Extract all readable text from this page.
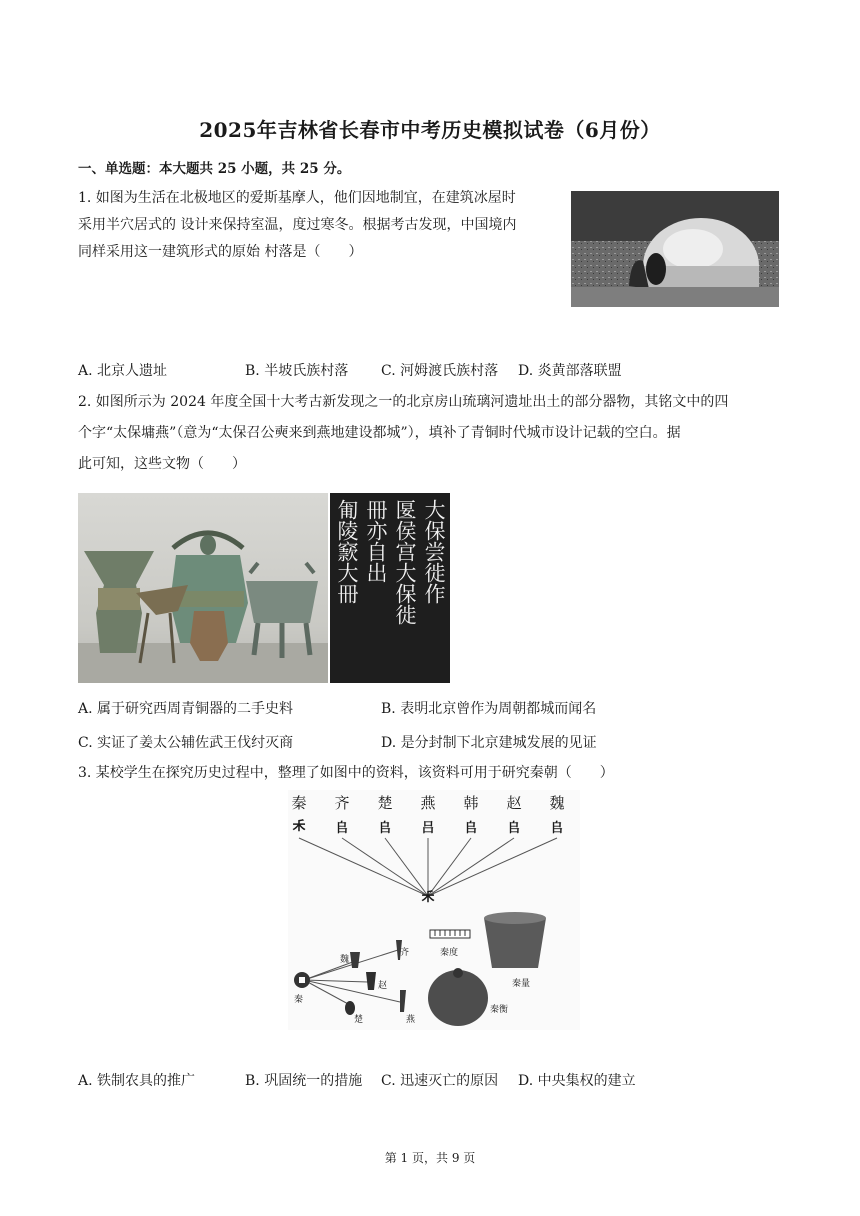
2025年吉林省长春市中考历史模拟试卷（6月份）
一、单选题：本大题共 25 小题，共 25 分。
1. 如图为生活在北极地区的爱斯基摩人，他们因地制宜，在建筑冰屋时
采用半穴居式的 设计来保持室温，度过寒冬。根据考古发现，中国境内
同样采用这一建筑形式的原始 村落是（　　）
A. 北京人遗址	B. 半坡氏族村落 C. 河姆渡氏族村落 D. 炎黄部落联盟
2. 如图所示为 2024 年度全国十大考古新发现之一的北京房山琉璃河遗址出土的部分器物，其铭文中的四
个字“太保墉燕”（意为“太保召公奭来到燕地建设都城”），填补了青铜时代城市设计记载的空白。据
此可知，这些文物（　　）
大保尝徙作
匽侯宫大保徙
冊亦自出
匍陵窾大冊
A. 属于研究西周青铜器的二手史料	B. 表明北京曾作为周朝都城而闻名
C. 实证了姜太公辅佐武王伐纣灭商	D. 是分封制下北京建城发展的见证
3. 某校学生在探究历史过程中，整理了如图中的资料，该资料可用于研究秦朝（　　）
秦 齐 楚 燕 韩 赵 魏
𥝌	𠂤	𠂤	吕	𠂤	𠂤	𠂤
𥝌
秦
魏
齐
赵
楚	燕
秦度
秦量
秦衡
A. 铁制农具的推广	B. 巩固统一的措施 C. 迅速灭亡的原因 D. 中央集权的建立
第 1 页，共 9 页
